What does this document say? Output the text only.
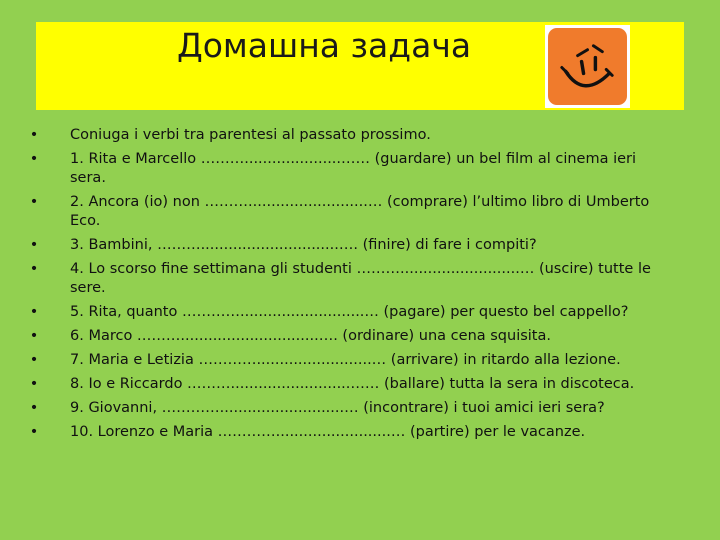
Домашна задача
• Coniuga i verbi tra parentesi al passato prossimo.
• 1. Rita e Marcello ……….....................…… (guardare) un bel film al cinema ieri sera.
• 2. Ancora (io) non ………..........................… (comprare) l’ultimo libro di Umberto Eco.
• 3. Bambini, ………..............................…. (finire) di fare i compiti?
• 4. Lo scorso fine settimana gli studenti ………..........................… (uscire) tutte le sere.
• 5. Rita, quanto …………...........................… (pagare) per questo bel cappello?
• 6. Marco ………..............................…. (ordinare) una cena squisita.
• 7. Maria e Letizia ………….........................… (arrivare) in ritardo alla lezione.
• 8. Io e Riccardo ………..........................…… (ballare) tutta la sera in discoteca.
• 9. Giovanni, …………...........................… (incontrare) i tuoi amici ieri sera?
• 10. Lorenzo e Maria ………….........................… (partire) per le vacanze.
